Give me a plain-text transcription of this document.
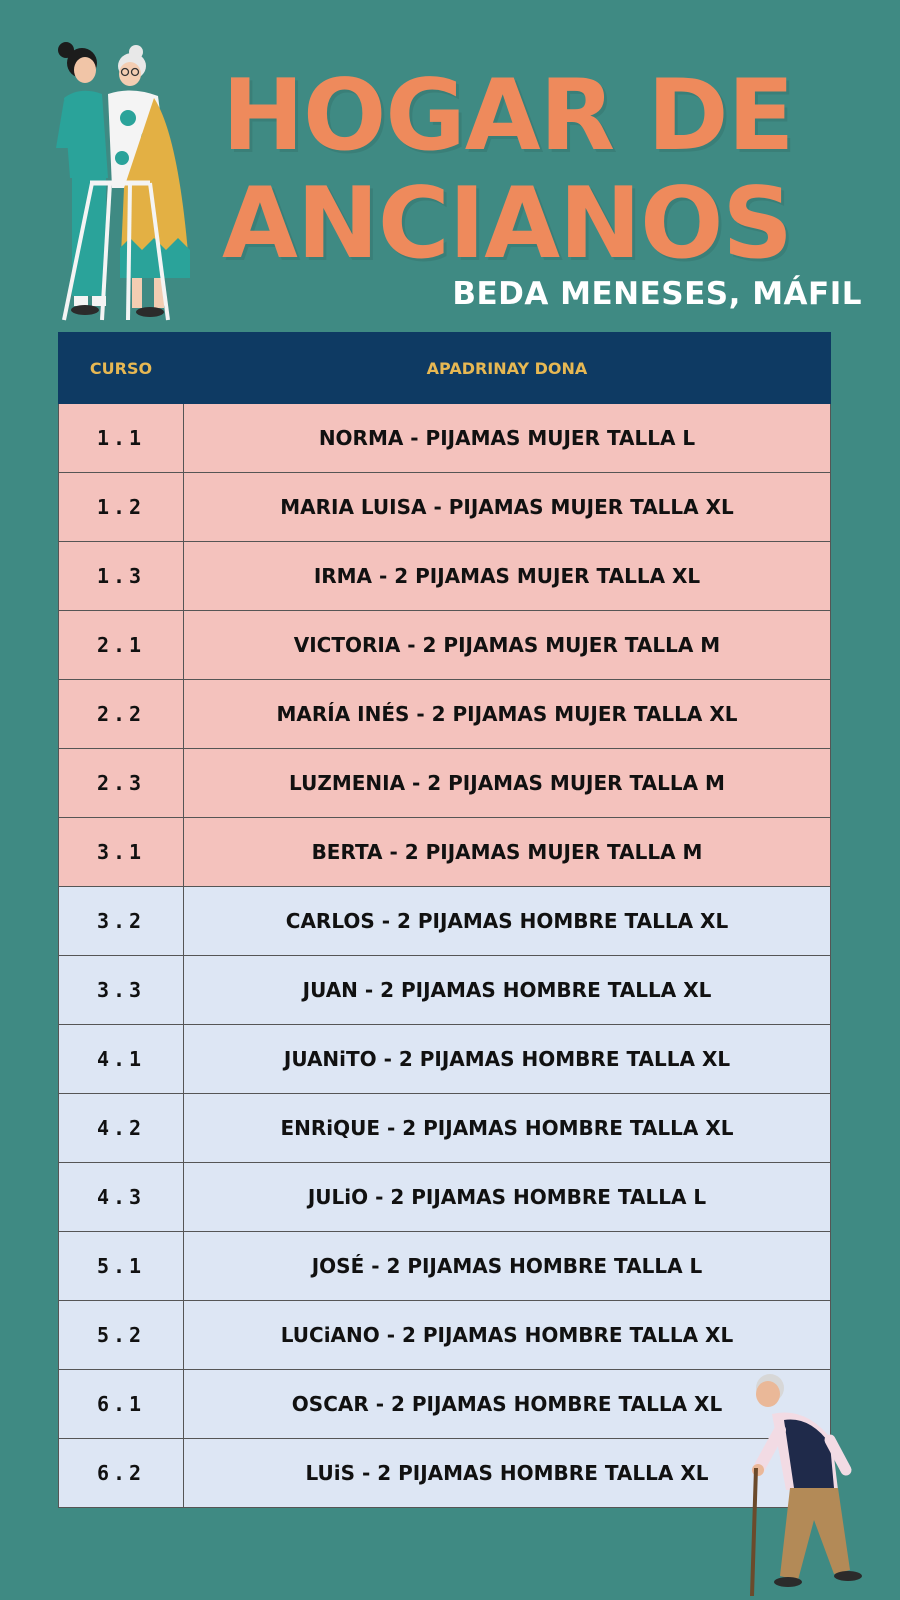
HOGAR DE
ANCIANOS
BEDA MENESES, MÁFIL
CURSO	APADRINAY DONA
1.1	NORMA - PIJAMAS MUJER TALLA L
1.2	MARIA LUISA - PIJAMAS MUJER TALLA XL
1.3	IRMA - 2 PIJAMAS MUJER TALLA XL
2.1	VICTORIA - 2 PIJAMAS MUJER TALLA M
2.2	MARÍA INÉS - 2 PIJAMAS MUJER TALLA XL
2.3	LUZMENIA - 2 PIJAMAS MUJER TALLA M
3.1	BERTA - 2 PIJAMAS MUJER TALLA M
3.2	CARLOS - 2 PIJAMAS HOMBRE TALLA XL
3.3	JUAN - 2 PIJAMAS HOMBRE TALLA XL
4.1	JUANiTO - 2 PIJAMAS HOMBRE TALLA XL
4.2	ENRiQUE - 2 PIJAMAS HOMBRE TALLA XL
4.3	JULiO - 2 PIJAMAS HOMBRE TALLA L
5.1	JOSÉ - 2 PIJAMAS HOMBRE TALLA L
5.2	LUCiANO - 2 PIJAMAS HOMBRE TALLA XL
6.1	OSCAR - 2 PIJAMAS HOMBRE TALLA XL
6.2	LUiS - 2 PIJAMAS HOMBRE TALLA XL
